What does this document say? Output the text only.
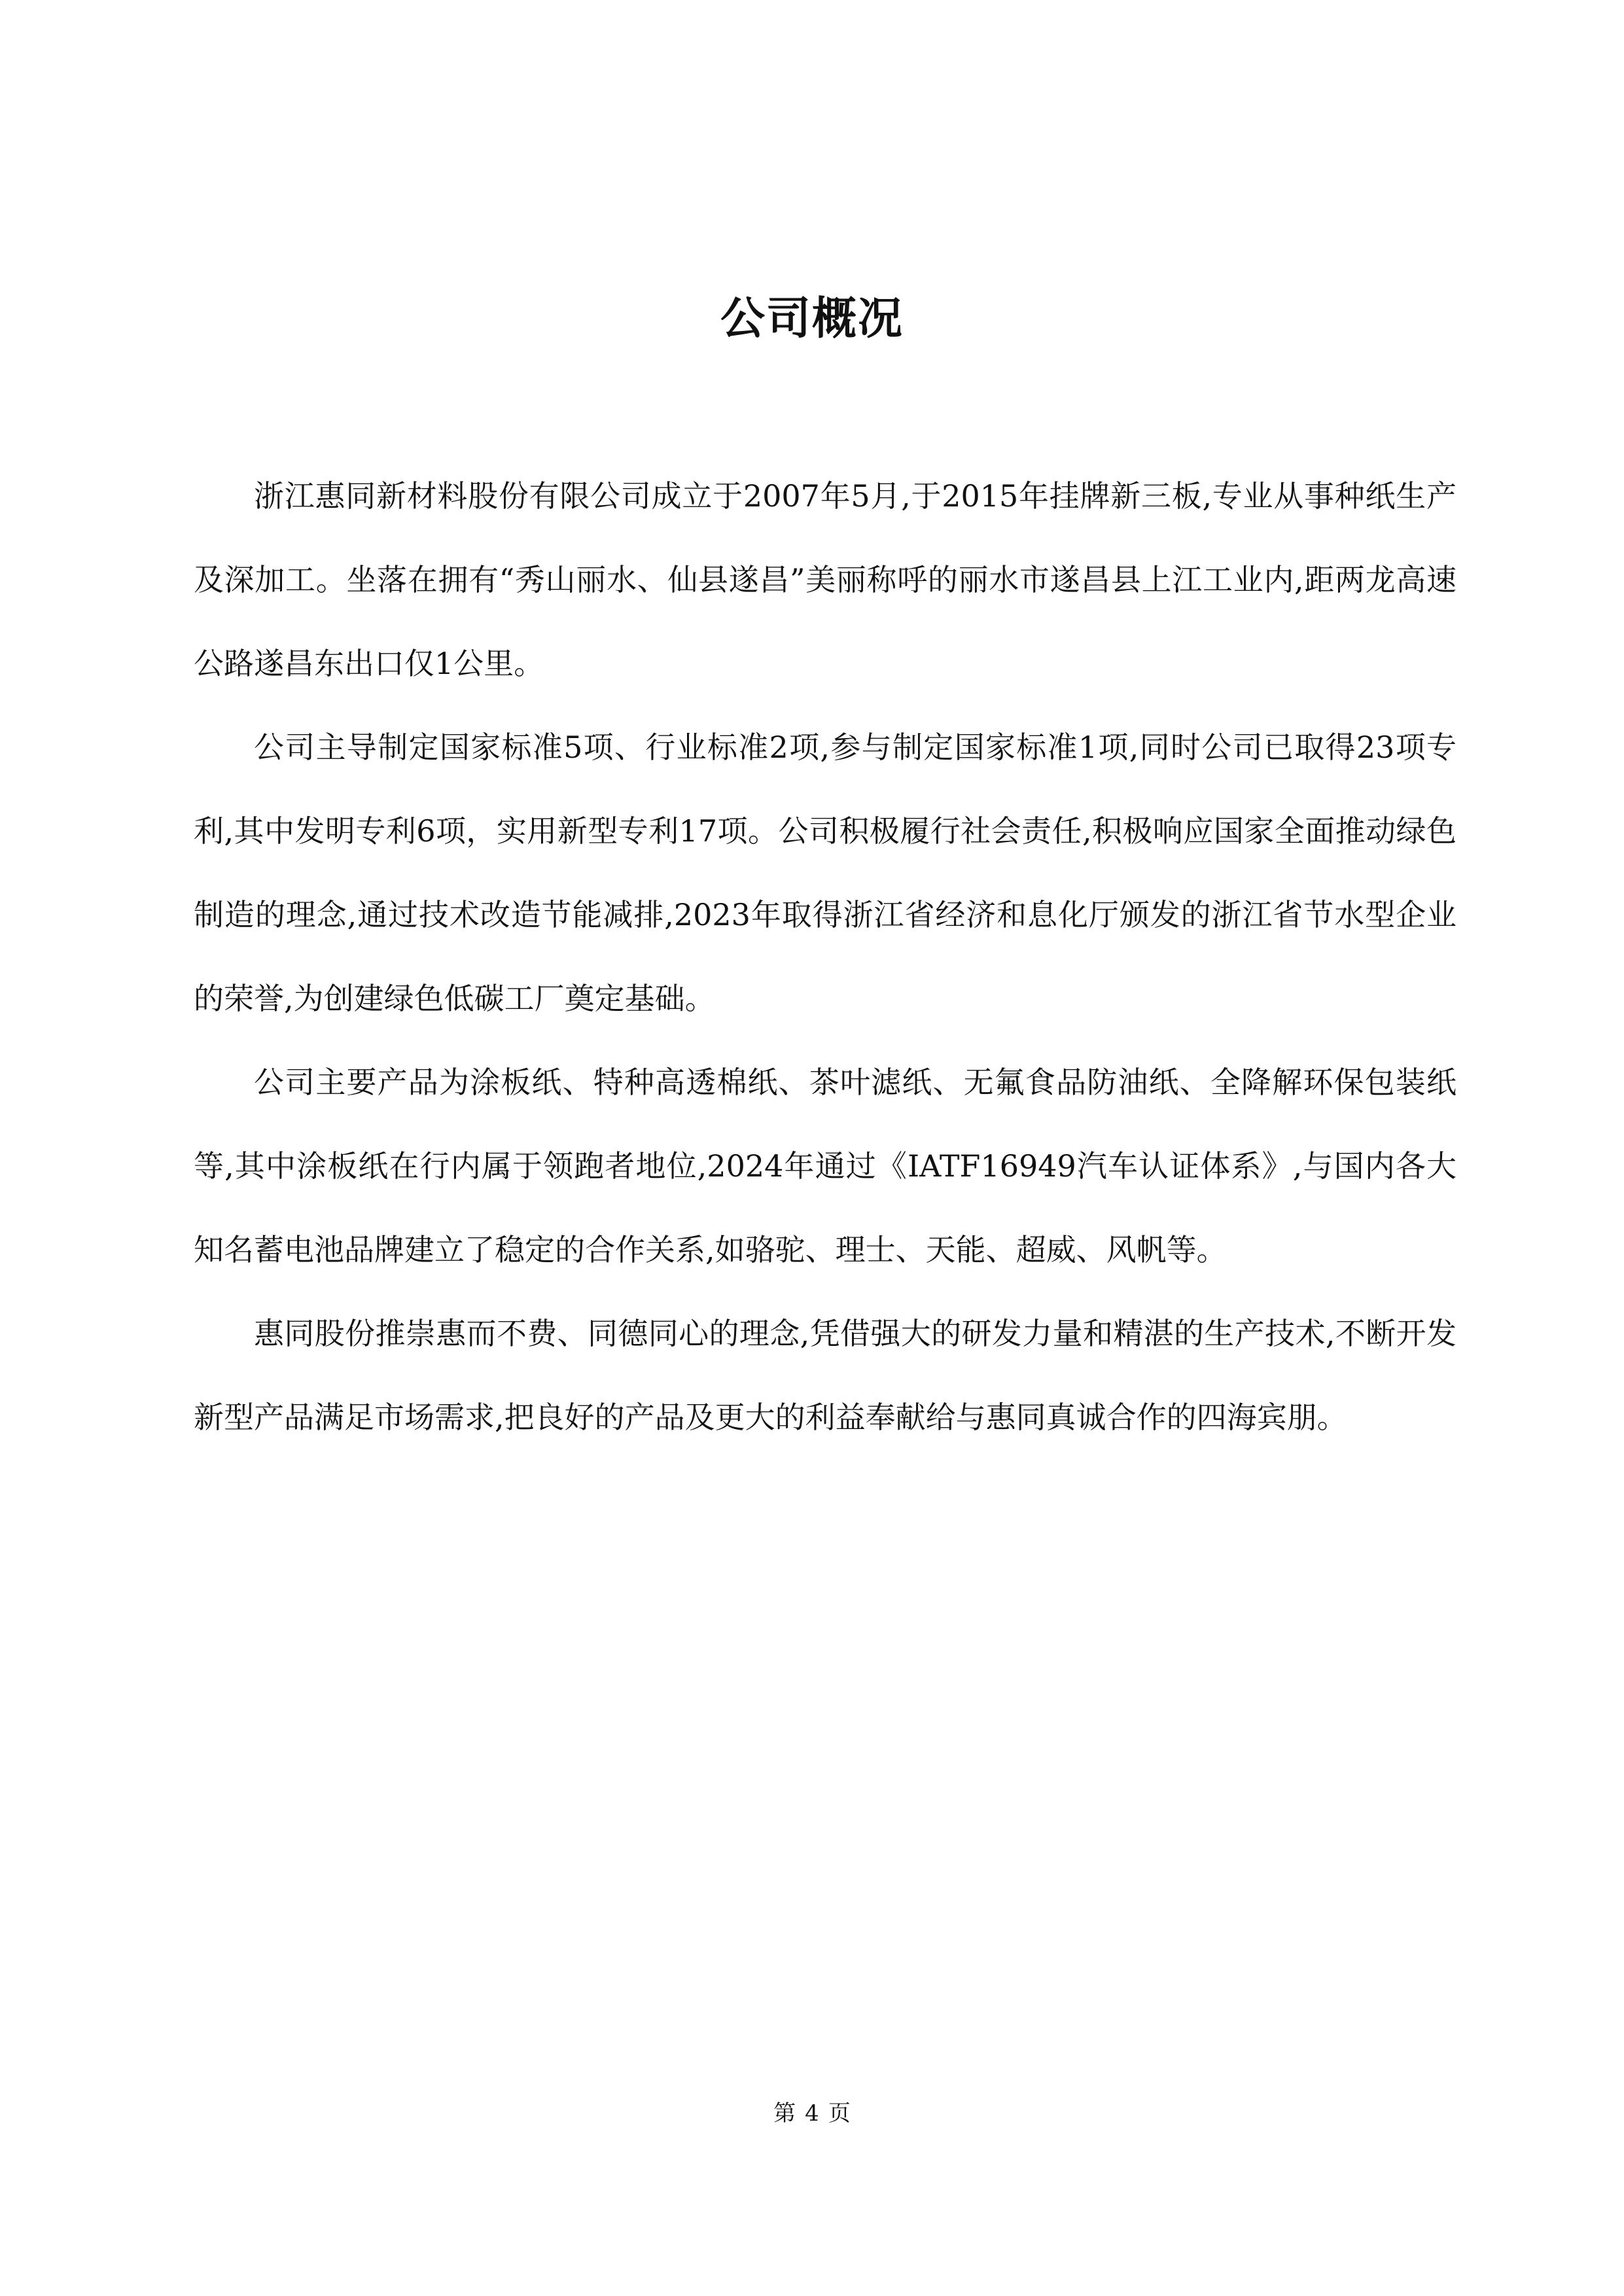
公司概况

浙江惠同新材料股份有限公司成立于2007年5月,于2015年挂牌新三板,专业从事种纸生产及深加工。坐落在拥有“秀山丽水、仙县遂昌”美丽称呼的丽水市遂昌县上江工业内,距两龙高速公路遂昌东出口仅1公里。

公司主导制定国家标准5项、行业标准2项,参与制定国家标准1项,同时公司已取得23项专利,其中发明专利6项，实用新型专利17项。公司积极履行社会责任,积极响应国家全面推动绿色制造的理念,通过技术改造节能减排,2023年取得浙江省经济和息化厅颁发的浙江省节水型企业的荣誉,为创建绿色低碳工厂奠定基础。

公司主要产品为涂板纸、特种高透棉纸、茶叶滤纸、无氟食品防油纸、全降解环保包装纸等,其中涂板纸在行内属于领跑者地位,2024年通过《IATF16949汽车认证体系》,与国内各大知名蓄电池品牌建立了稳定的合作关系,如骆驼、理士、天能、超威、风帆等。

惠同股份推崇惠而不费、同德同心的理念,凭借强大的研发力量和精湛的生产技术,不断开发新型产品满足市场需求,把良好的产品及更大的利益奉献给与惠同真诚合作的四海宾朋。

第 4 页
